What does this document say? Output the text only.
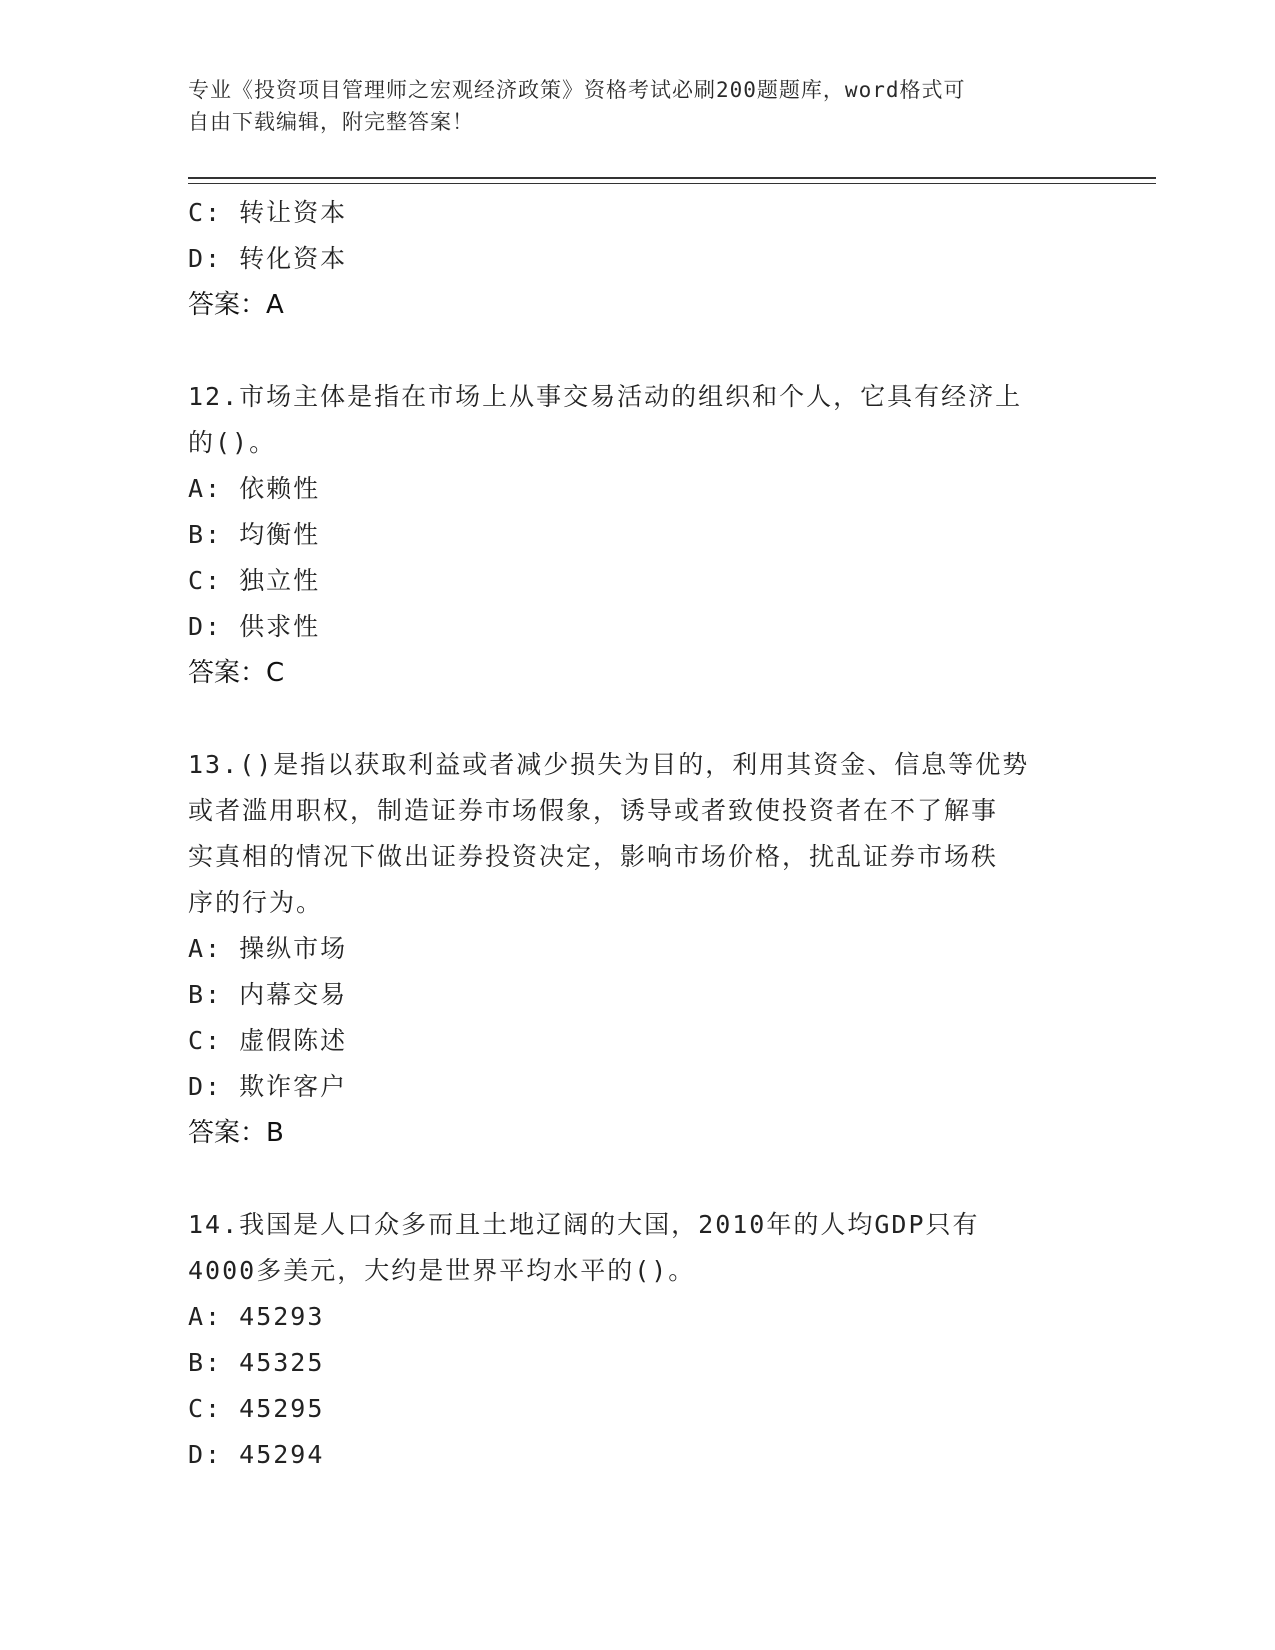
专业《投资项目管理师之宏观经济政策》资格考试必刷200题题库，word格式可
自由下载编辑，附完整答案！
C: 转让资本
D: 转化资本
答案：A
12.市场主体是指在市场上从事交易活动的组织和个人，它具有经济上
的()。
A: 依赖性
B: 均衡性
C: 独立性
D: 供求性
答案：C
13.()是指以获取利益或者减少损失为目的，利用其资金、信息等优势
或者滥用职权，制造证券市场假象，诱导或者致使投资者在不了解事
实真相的情况下做出证券投资决定，影响市场价格，扰乱证券市场秩
序的行为。
A: 操纵市场
B: 内幕交易
C: 虚假陈述
D: 欺诈客户
答案：B
14.我国是人口众多而且土地辽阔的大国，2010年的人均GDP只有
4000多美元，大约是世界平均水平的()。
A: 45293
B: 45325
C: 45295
D: 45294
